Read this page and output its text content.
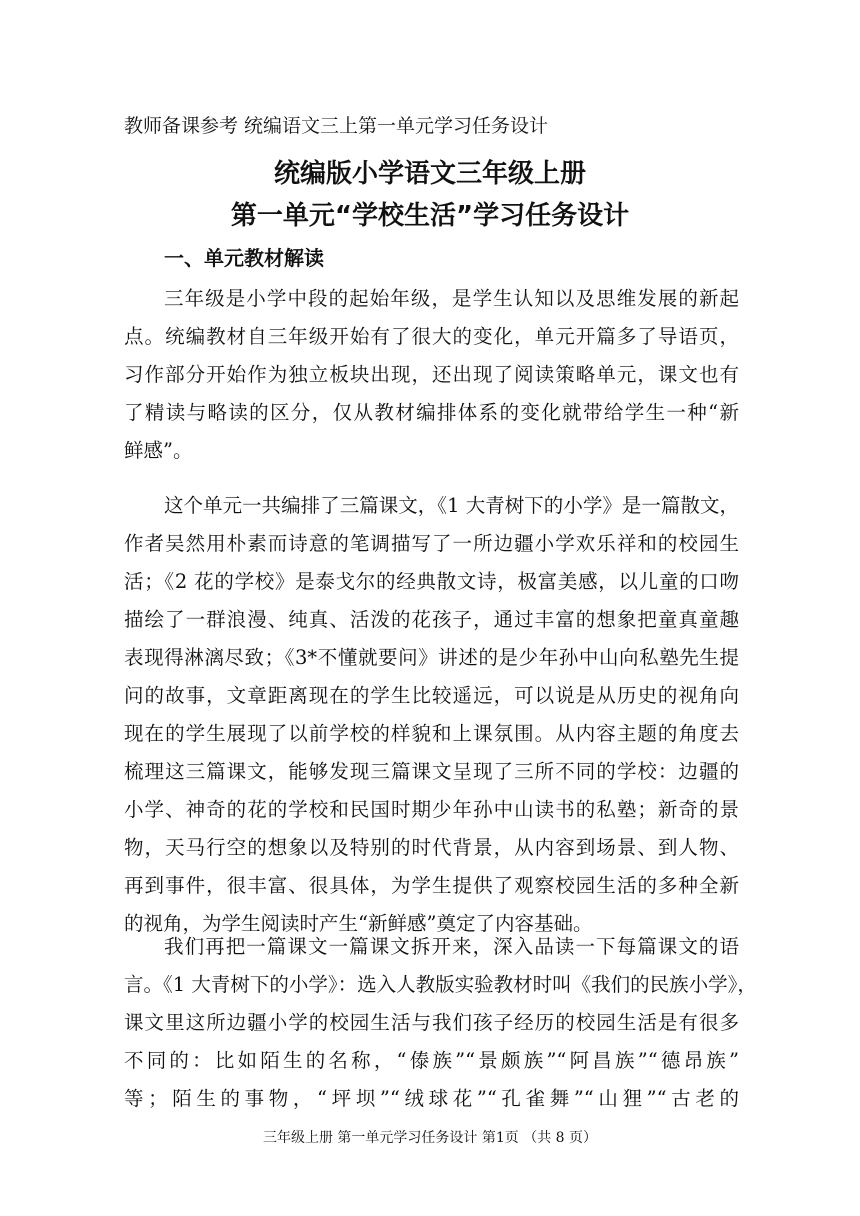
教师备课参考 统编语文三上第一单元学习任务设计
统编版小学语文三年级上册
第一单元“学校生活”学习任务设计
一、单元教材解读
三年级是小学中段的起始年级，是学生认知以及思维发展的新起
点。统编教材自三年级开始有了很大的变化，单元开篇多了导语页，
习作部分开始作为独立板块出现，还出现了阅读策略单元，课文也有
了精读与略读的区分，仅从教材编排体系的变化就带给学生一种“新
鲜感”。
这个单元一共编排了三篇课文，《1 大青树下的小学》是一篇散文，
作者吴然用朴素而诗意的笔调描写了一所边疆小学欢乐祥和的校园生
活；《2 花的学校》是泰戈尔的经典散文诗，极富美感，以儿童的口吻
描绘了一群浪漫、纯真、活泼的花孩子，通过丰富的想象把童真童趣
表现得淋漓尽致；《3*不懂就要问》讲述的是少年孙中山向私塾先生提
问的故事，文章距离现在的学生比较遥远，可以说是从历史的视角向
现在的学生展现了以前学校的样貌和上课氛围。从内容主题的角度去
梳理这三篇课文，能够发现三篇课文呈现了三所不同的学校：边疆的
小学、神奇的花的学校和民国时期少年孙中山读书的私塾；新奇的景
物，天马行空的想象以及特别的时代背景，从内容到场景、到人物、
再到事件，很丰富、很具体，为学生提供了观察校园生活的多种全新
的视角，为学生阅读时产生“新鲜感”奠定了内容基础。
我们再把一篇课文一篇课文拆开来，深入品读一下每篇课文的语
言。《1 大青树下的小学》：选入人教版实验教材时叫《我们的民族小学》，
课文里这所边疆小学的校园生活与我们孩子经历的校园生活是有很多
不同的：比如陌生的名称，“傣族”“景颇族”“阿昌族”“德昂族”
等；陌生的事物，“坪坝”“绒球花”“孔雀舞”“山狸”“古老的
三年级上册 第一单元学习任务设计 第1页 （共 8 页）
